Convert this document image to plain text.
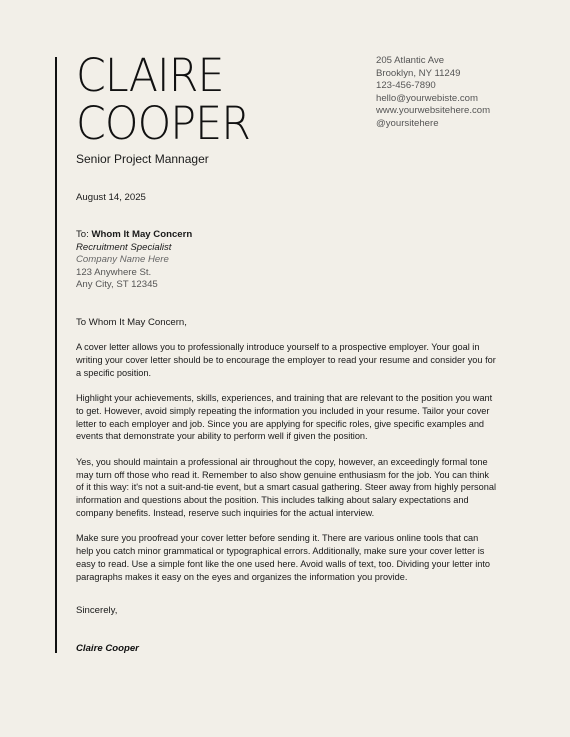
CLAIRE
COOPER
Senior Project Mannager
205 Atlantic Ave
Brooklyn, NY 11249
123-456-7890
hello@yourwebiste.com
www.yourwebsitehere.com
@yoursitehere
August 14, 2025
To: Whom It May Concern
Recruitment Specialist
Company Name Here
123 Anywhere St.
Any City, ST 12345
To Whom It May Concern,

A cover letter allows you to professionally introduce yourself to a prospective employer. Your goal in writing your cover letter should be to encourage the employer to read your resume and consider you for a specific position.

Highlight your achievements, skills, experiences, and training that are relevant to the position you want to get. However, avoid simply repeating the information you included in your resume. Tailor your cover letter to each employer and job. Since you are applying for specific roles, give specific examples and events that demonstrate your ability to perform well if given the position.

Yes, you should maintain a professional air throughout the copy, however, an exceedingly formal tone may turn off those who read it. Remember to also show genuine enthusiasm for the job. You can think of it this way: it's not a suit-and-tie event, but a smart casual gathering. Steer away from highly personal information and questions about the position. This includes talking about salary expectations and company benefits. Instead, reserve such inquiries for the actual interview.

Make sure you proofread your cover letter before sending it. There are various online tools that can help you catch minor grammatical or typographical errors. Additionally, make sure your cover letter is easy to read. Use a simple font like the one used here. Avoid walls of text, too. Dividing your letter into paragraphs makes it easy on the eyes and organizes the information you provide.

Sincerely,
Claire Cooper
